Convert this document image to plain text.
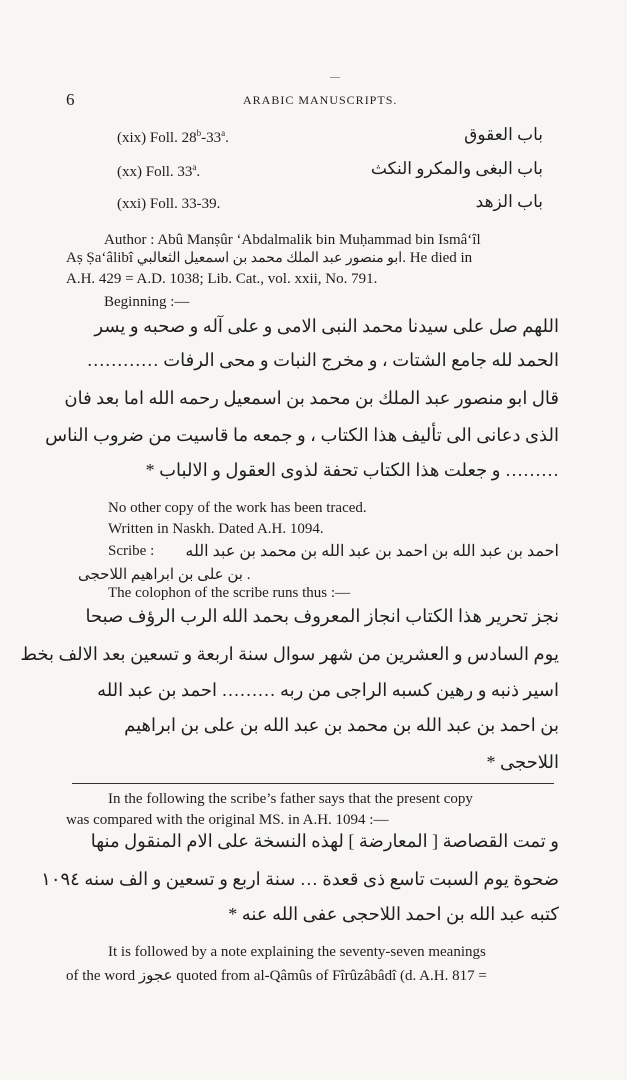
6	ARABIC MANUSCRIPTS.
(xix) Foll. 28$^b$-33$^a$.	باب العقوق
(xx) Foll. 33$^a$.	باب البغى والمكرو النكث
(xxi) Foll. 33-39.	باب الزهد
Author : Abû Manṣûr ‘Abdalmalik bin Muḥammad bin Ismâ‘îl
Aṣ Ṣa‘âlibî ابو منصور عبد الملك محمد بن اسمعيل الثعالبي. He died in
A.H. 429 = A.D. 1038; Lib. Cat., vol. xxii, No. 791.
Beginning :—
اللهم صل على سيدنا محمد النبى الامى و على آله و صحبه و يسر
الحمد لله جامع الشتات ، و مخرج النبات و محى الرفات …………
قال ابو منصور عبد الملك بن محمد بن اسمعيل رحمه الله اما بعد فان
الذى دعانى الى تأليف هذا الكتاب ، و جمعه ما قاسيت من ضروب الناس
……… و جعلت هذا الكتاب تحفة لذوى العقول و الالباب *
No other copy of the work has been traced.
Written in Naskh. Dated A.H. 1094.
Scribe : احمد بن عبد الله بن احمد بن عبد الله بن محمد بن عبد الله
. بن على بن ابراهيم اللاحجى
The colophon of the scribe runs thus :—
نجز تحرير هذا الكتاب انجاز المعروف بحمد الله الرب الرؤف صبحا
يوم السادس و العشرين من شهر سوال سنة اربعة و تسعين بعد الالف بخط
اسير ذنبه و رهين كسبه الراجى من ربه ……… احمد بن عبد الله
بن احمد بن عبد الله بن محمد بن عبد الله بن على بن ابراهيم
اللاحجى *
In the following the scribe’s father says that the present copy
was compared with the original MS. in A.H. 1094 :—
و تمت القصاصة [ المعارضة ] لهذه النسخة على الام المنقول منها
ضحوة يوم السبت تاسع ذى قعدة … سنة اربع و تسعين و الف سنه ١٠٩٤
كتبه عبد الله بن احمد اللاحجى عفى الله عنه *
It is followed by a note explaining the seventy-seven meanings
of the word عجوز quoted from al-Qâmûs of Fîrûzâbâdî (d. A.H. 817 =
